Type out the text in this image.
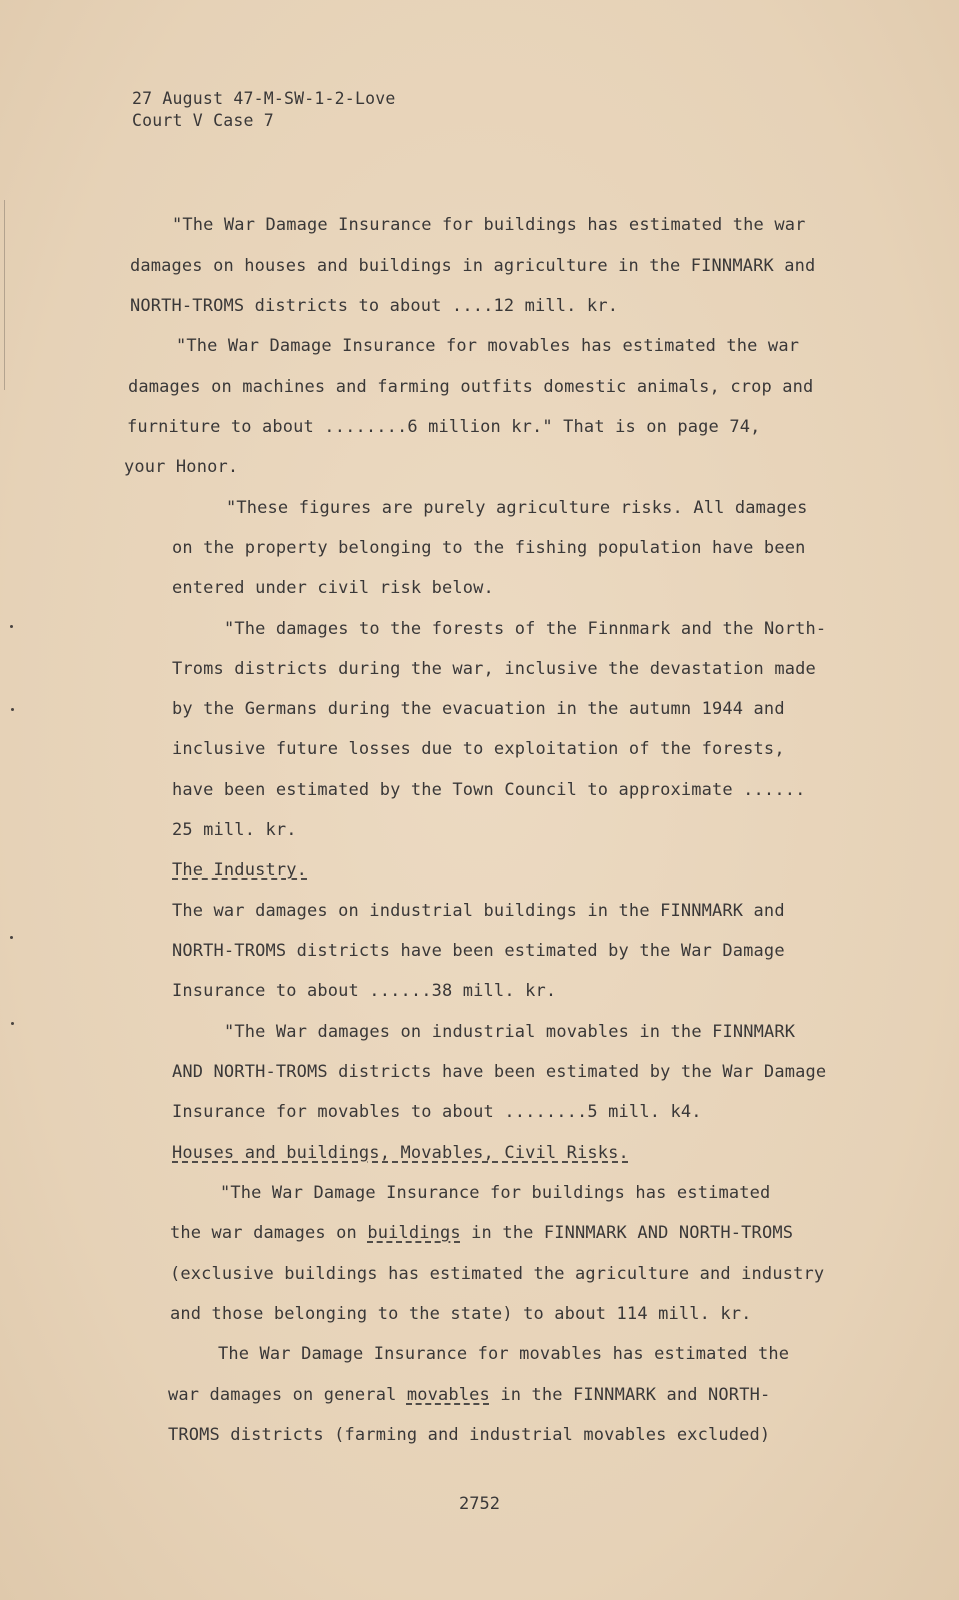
27 August 47-M-SW-1-2-Love
Court V Case 7
"The War Damage Insurance for buildings has estimated the war
damages on houses and buildings in agriculture in the FINNMARK and
NORTH-TROMS districts to about ....12 mill. kr.
"The War Damage Insurance for movables has estimated the war
damages on machines and farming outfits domestic animals, crop and
furniture to about ........6 million kr." That is on page 74,
your Honor.
"These figures are purely agriculture risks. All damages
on the property belonging to the fishing population have been
entered under civil risk below.
"The damages to the forests of the Finnmark and the North-
Troms districts during the war, inclusive the devastation made
by the Germans during the evacuation in the autumn 1944 and
inclusive future losses due to exploitation of the forests,
have been estimated by the Town Council to approximate ......
25 mill. kr.
The Industry.
The war damages on industrial buildings in the FINNMARK and
NORTH-TROMS districts have been estimated by the War Damage
Insurance to about ......38 mill. kr.
"The War damages on industrial movables in the FINNMARK
AND NORTH-TROMS districts have been estimated by the War Damage
Insurance for movables to about ........5 mill. k4.
Houses and buildings, Movables, Civil Risks.
"The War Damage Insurance for buildings has estimated
the war damages on buildings in the FINNMARK AND NORTH-TROMS
(exclusive buildings has estimated the agriculture and industry
and those belonging to the state) to about 114 mill. kr.
The War Damage Insurance for movables has estimated the
war damages on general movables in the FINNMARK and NORTH-
TROMS districts (farming and industrial movables excluded)
2752
